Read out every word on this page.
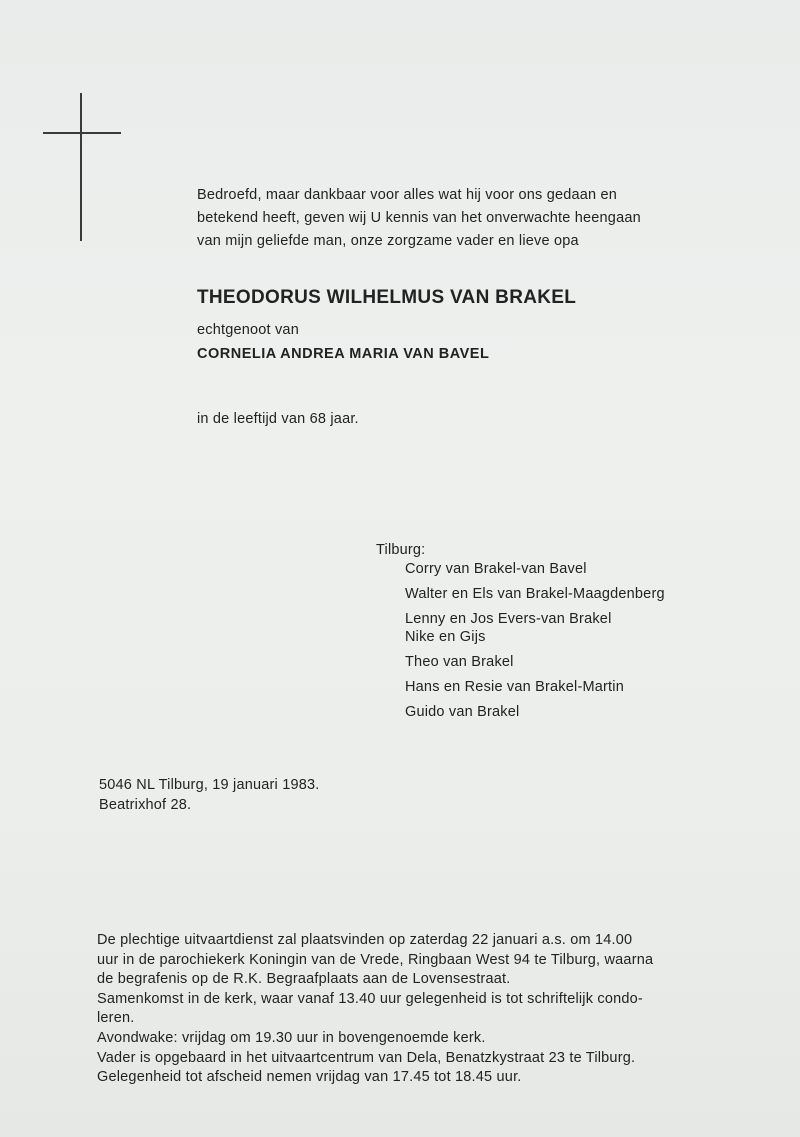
Bedroefd, maar dankbaar voor alles wat hij voor ons gedaan en
betekend heeft, geven wij U kennis van het onverwachte heengaan
van mijn geliefde man, onze zorgzame vader en lieve opa
THEODORUS WILHELMUS VAN BRAKEL
echtgenoot van
CORNELIA ANDREA MARIA VAN BAVEL
in de leeftijd van 68 jaar.
Tilburg:
Corry van Brakel-van Bavel
Walter en Els van Brakel-Maagdenberg
Lenny en Jos Evers-van Brakel
Nike en Gijs
Theo van Brakel
Hans en Resie van Brakel-Martin
Guido van Brakel
5046 NL Tilburg, 19 januari 1983.
Beatrixhof 28.
De plechtige uitvaartdienst zal plaatsvinden op zaterdag 22 januari a.s. om 14.00
uur in de parochiekerk Koningin van de Vrede, Ringbaan West 94 te Tilburg, waarna
de begrafenis op de R.K. Begraafplaats aan de Lovensestraat.
Samenkomst in de kerk, waar vanaf 13.40 uur gelegenheid is tot schriftelijk condo-
leren.
Avondwake: vrijdag om 19.30 uur in bovengenoemde kerk.
Vader is opgebaard in het uitvaartcentrum van Dela, Benatzkystraat 23 te Tilburg.
Gelegenheid tot afscheid nemen vrijdag van 17.45 tot 18.45 uur.
